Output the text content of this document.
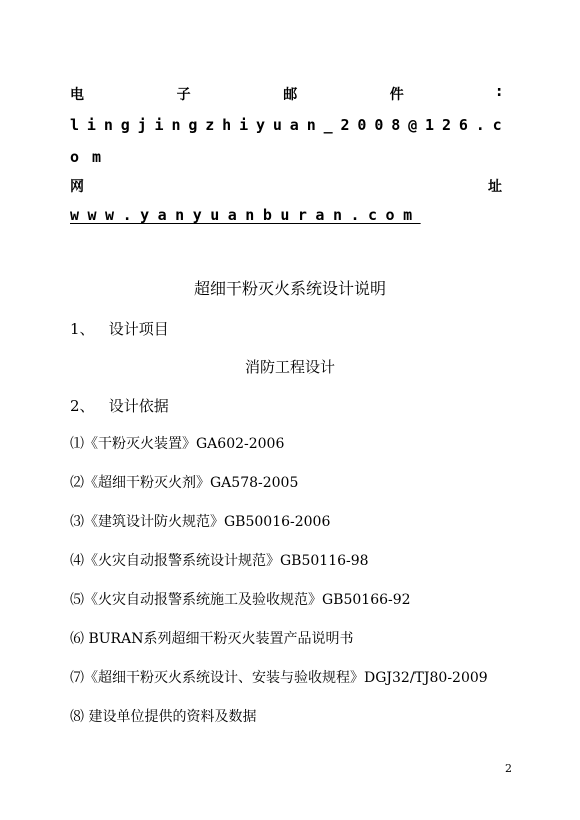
电	子	邮	件	:
l i n g j i n g z h i y u a n _ 2 0 0 8 @ 1 2 6 . c
om
网	址
www.yanyuanburan.com
超细干粉灭火系统设计说明
1、 设计项目
消防工程设计
2、 设计依据
⑴《干粉灭火装置》GA602-2006
⑵《超细干粉灭火剂》GA578-2005
⑶《建筑设计防火规范》GB50016-2006
⑷《火灾自动报警系统设计规范》GB50116-98
⑸《火灾自动报警系统施工及验收规范》GB50166-92
⑹ BURAN系列超细干粉灭火装置产品说明书
⑺《超细干粉灭火系统设计、安装与验收规程》DGJ32/TJ80-2009
⑻ 建设单位提供的资料及数据
2
